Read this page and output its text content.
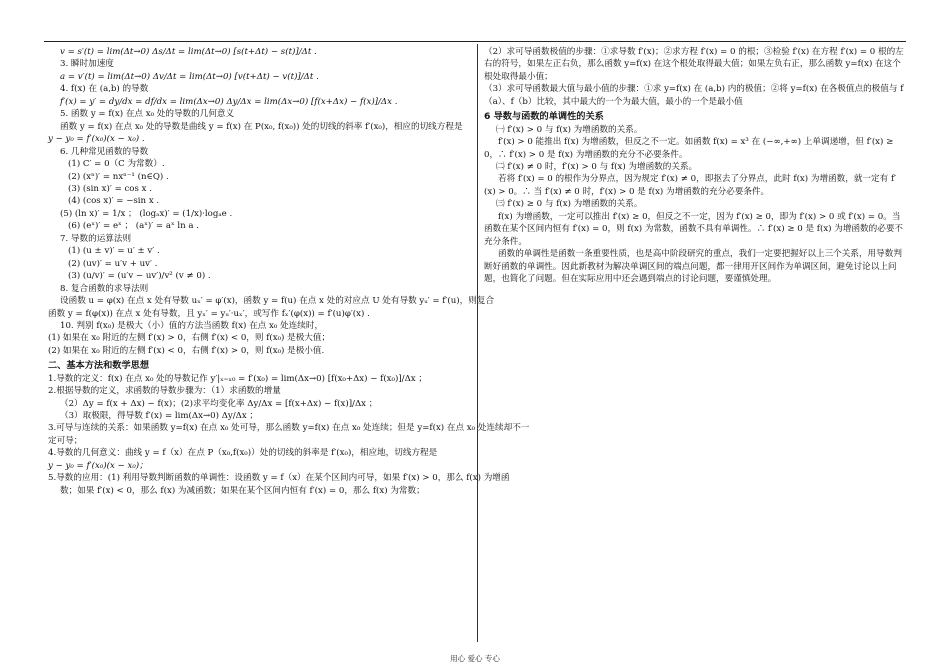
v = s′(t) = lim(Δt→0) Δs/Δt = lim(Δt→0) [s(t+Δt) − s(t)]/Δt .
3. 瞬时加速度
a = v′(t) = lim(Δt→0) Δv/Δt = lim(Δt→0) [v(t+Δt) − v(t)]/Δt .
4. f(x) 在 (a,b) 的导数
f′(x) = y′ = dy/dx = df/dx = lim(Δx→0) Δy/Δx = lim(Δx→0) [f(x+Δx) − f(x)]/Δx .
5. 函数 y = f(x) 在点 x₀ 处的导数的几何意义
函数 y = f(x) 在点 x₀ 处的导数是曲线 y = f(x) 在 P(x₀, f(x₀)) 处的切线的斜率 f′(x₀)，相应的切线方程是
y − y₀ = f′(x₀)(x − x₀) .
6. 几种常见函数的导数
(1) C′ = 0（C 为常数）.
(2) (xⁿ)′ = nxⁿ⁻¹ (n∈Q) .
(3) (sin x)′ = cos x .
(4) (cos x)′ = −sin x .
(5) (ln x)′ = 1/x ； (logₐx)′ = (1/x)·logₐe .
(6) (eˣ)′ = eˣ ； (aˣ)′ = aˣ ln a .
7. 导数的运算法则
(1) (u ± v)′ = u′ ± v′ .
(2) (uv)′ = u′v + uv′ .
(3) (u/v)′ = (u′v − uv′)/v² (v ≠ 0) .
8. 复合函数的求导法则
设函数 u = φ(x) 在点 x 处有导数 uₓ′ = φ′(x)，函数 y = f(u) 在点 x 处的对应点 U 处有导数 yᵤ′ = f′(u)，则复合
函数 y = f(φ(x)) 在点 x 处有导数，且 yₓ′ = yᵤ′·uₓ′，或写作 fₓ′(φ(x)) = f′(u)φ′(x) .
10. 判别 f(x₀) 是极大（小）值的方法当函数 f(x) 在点 x₀ 处连续时，
(1) 如果在 x₀ 附近的左侧 f′(x) > 0，右侧 f′(x) < 0，则 f(x₀) 是极大值；
(2) 如果在 x₀ 附近的左侧 f′(x) < 0，右侧 f′(x) > 0，则 f(x₀) 是极小值.
二、基本方法和数学思想
1.导数的定义：f(x) 在点 x₀ 处的导数记作 y′|ₓ₌ₓ₀ = f′(x₀) = lim(Δx→0) [f(x₀+Δx) − f(x₀)]/Δx ；
2.根据导数的定义，求函数的导数步骤为：（1）求函数的增量
（2）Δy = f(x + Δx) − f(x)；(2)求平均变化率 Δy/Δx = [f(x+Δx) − f(x)]/Δx ；
（3）取极限，得导数 f′(x) = lim(Δx→0) Δy/Δx ；
3.可导与连续的关系：如果函数 y=f(x) 在点 x₀ 处可导，那么函数 y=f(x) 在点 x₀ 处连续；但是 y=f(x) 在点 x₀ 处连续却不一
定可导；
4.导数的几何意义：曲线 y = f（x）在点 P（x₀,f(x₀)）处的切线的斜率是 f′(x₀)，相应地，切线方程是
y − y₀ = f′(x₀)(x − x₀)；
5.导数的应用：(1) 利用导数判断函数的单调性：设函数 y = f（x）在某个区间内可导，如果 f′(x) > 0，那么 f(x) 为增函
数；如果 f′(x) < 0，那么 f(x) 为减函数；如果在某个区间内恒有 f′(x) = 0，那么 f(x) 为常数；
（2）求可导函数极值的步骤：①求导数 f′(x)；②求方程 f′(x) = 0 的根；③检验 f′(x) 在方程 f′(x) = 0 根的左右的符号，如果左正右负，那么函数 y=f(x) 在这个根处取得最大值；如果左负右正，那么函数 y=f(x) 在这个根处取得最小值；
（3）求可导函数最大值与最小值的步骤：①求 y=f(x) 在 (a,b) 内的极值；②将 y=f(x) 在各极值点的极值与 f（a）、f（b）比较，其中最大的一个为最大值，最小的一个是最小值
6 导数与函数的单调性的关系
㈠ f′(x) > 0 与 f(x) 为增函数的关系。
f′(x) > 0 能推出 f(x) 为增函数，但反之不一定。如函数 f(x) = x³ 在 (−∞,+∞) 上单调递增，但 f′(x) ≥ 0，∴ f′(x) > 0 是 f(x) 为增函数的充分不必要条件。
㈡ f′(x) ≠ 0 时，f′(x) > 0 与 f(x) 为增函数的关系。
若将 f′(x) = 0 的根作为分界点，因为规定 f′(x) ≠ 0，即抠去了分界点，此时 f(x) 为增函数，就一定有 f′(x) > 0。∴ 当 f′(x) ≠ 0 时，f′(x) > 0 是 f(x) 为增函数的充分必要条件。
㈢ f′(x) ≥ 0 与 f(x) 为增函数的关系。
f(x) 为增函数，一定可以推出 f′(x) ≥ 0，但反之不一定，因为 f′(x) ≥ 0，即为 f′(x) > 0 或 f′(x) = 0。当函数在某个区间内恒有 f′(x) = 0，则 f(x) 为常数，函数不具有单调性。∴ f′(x) ≥ 0 是 f(x) 为增函数的必要不充分条件。
函数的单调性是函数一条重要性质，也是高中阶段研究的重点，我们一定要把握好以上三个关系，用导数判断好函数的单调性。因此新教材为解决单调区间的端点问题，都一律用开区间作为单调区间，避免讨论以上问题，也简化了问题。但在实际应用中还会遇到端点的讨论问题，要谨慎处理。
用心 爱心 专心
